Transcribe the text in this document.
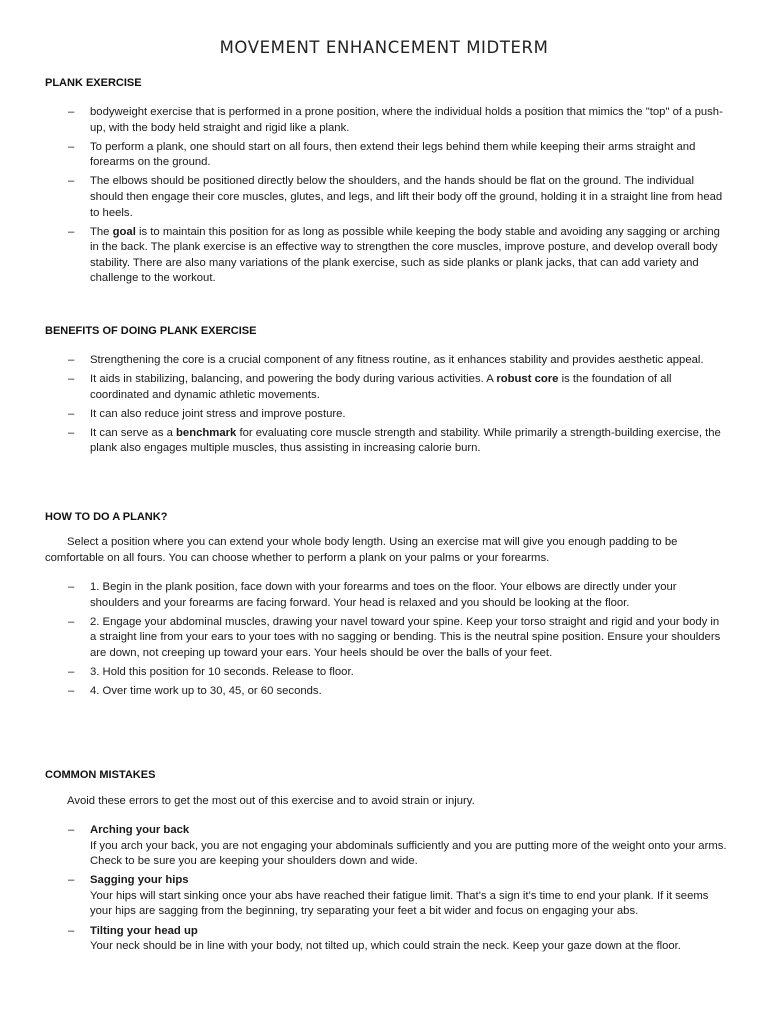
MOVEMENT ENHANCEMENT MIDTERM
PLANK EXERCISE
– bodyweight exercise that is performed in a prone position, where the individual holds a position that mimics the "top" of a push-up, with the body held straight and rigid like a plank.
– To perform a plank, one should start on all fours, then extend their legs behind them while keeping their arms straight and forearms on the ground.
– The elbows should be positioned directly below the shoulders, and the hands should be flat on the ground. The individual should then engage their core muscles, glutes, and legs, and lift their body off the ground, holding it in a straight line from head to heels.
– The goal is to maintain this position for as long as possible while keeping the body stable and avoiding any sagging or arching in the back. The plank exercise is an effective way to strengthen the core muscles, improve posture, and develop overall body stability. There are also many variations of the plank exercise, such as side planks or plank jacks, that can add variety and challenge to the workout.
BENEFITS OF DOING PLANK EXERCISE
– Strengthening the core is a crucial component of any fitness routine, as it enhances stability and provides aesthetic appeal.
– It aids in stabilizing, balancing, and powering the body during various activities. A robust core is the foundation of all coordinated and dynamic athletic movements.
– It can also reduce joint stress and improve posture.
– It can serve as a benchmark for evaluating core muscle strength and stability. While primarily a strength-building exercise, the plank also engages multiple muscles, thus assisting in increasing calorie burn.
HOW TO DO A PLANK?

Select a position where you can extend your whole body length. Using an exercise mat will give you enough padding to be comfortable on all fours. You can choose whether to perform a plank on your palms or your forearms.

– 1. Begin in the plank position, face down with your forearms and toes on the floor. Your elbows are directly under your shoulders and your forearms are facing forward. Your head is relaxed and you should be looking at the floor.
– 2. Engage your abdominal muscles, drawing your navel toward your spine. Keep your torso straight and rigid and your body in a straight line from your ears to your toes with no sagging or bending. This is the neutral spine position. Ensure your shoulders are down, not creeping up toward your ears. Your heels should be over the balls of your feet.
– 3. Hold this position for 10 seconds. Release to floor.
– 4. Over time work up to 30, 45, or 60 seconds.
COMMON MISTAKES

Avoid these errors to get the most out of this exercise and to avoid strain or injury.

– Arching your back
If you arch your back, you are not engaging your abdominals sufficiently and you are putting more of the weight onto your arms. Check to be sure you are keeping your shoulders down and wide.
– Sagging your hips
Your hips will start sinking once your abs have reached their fatigue limit. That's a sign it's time to end your plank. If it seems your hips are sagging from the beginning, try separating your feet a bit wider and focus on engaging your abs.
– Tilting your head up
Your neck should be in line with your body, not tilted up, which could strain the neck. Keep your gaze down at the floor.
